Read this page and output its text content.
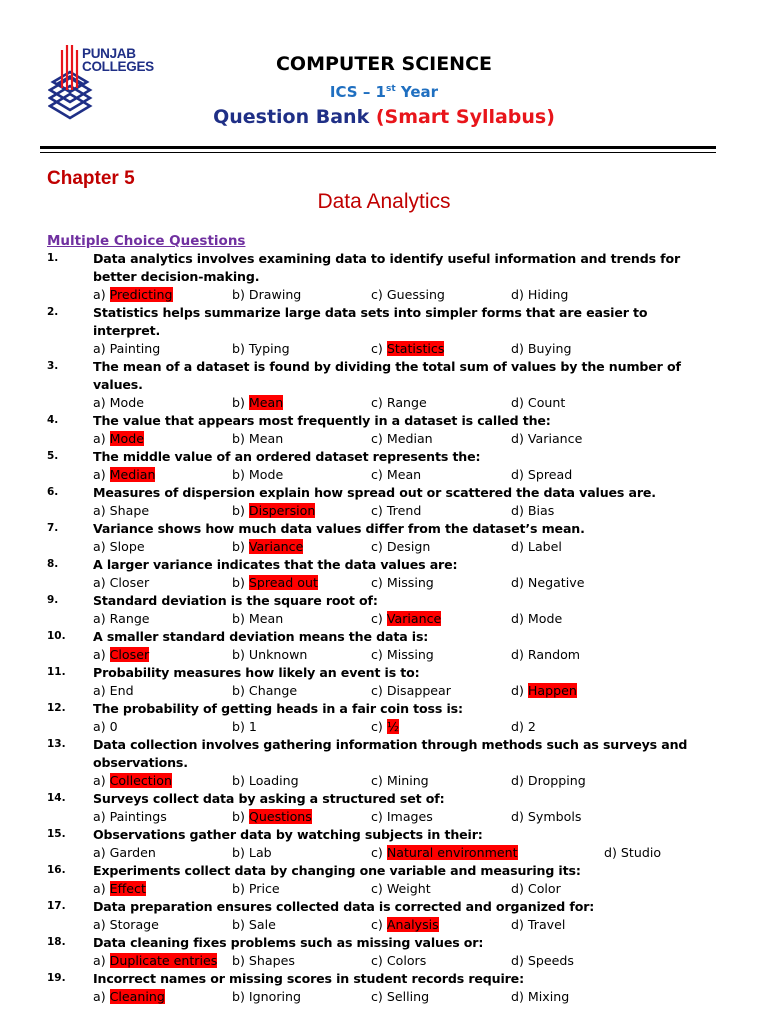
PUNJAB
COLLEGES	COMPUTER SCIENCE
ICS – 1st Year
Question Bank (Smart Syllabus)
Chapter 5
Data Analytics
Multiple Choice Questions
1.	Data analytics involves examining data to identify useful information and trends for better decision-making.
a) Predicting	b) Drawing	c) Guessing	d) Hiding
2.	Statistics helps summarize large data sets into simpler forms that are easier to interpret.
a) Painting	b) Typing	c) Statistics	d) Buying
3.	The mean of a dataset is found by dividing the total sum of values by the number of values.
a) Mode	b) Mean	c) Range	d) Count
4.	The value that appears most frequently in a dataset is called the:
a) Mode	b) Mean	c) Median	d) Variance
5.	The middle value of an ordered dataset represents the:
a) Median	b) Mode	c) Mean	d) Spread
6.	Measures of dispersion explain how spread out or scattered the data values are.
a) Shape	b) Dispersion	c) Trend	d) Bias
7.	Variance shows how much data values differ from the dataset’s mean.
a) Slope	b) Variance	c) Design	d) Label
8.	A larger variance indicates that the data values are:
a) Closer	b) Spread out	c) Missing	d) Negative
9.	Standard deviation is the square root of:
a) Range	b) Mean	c) Variance	d) Mode
10. A smaller standard deviation means the data is:
a) Closer	b) Unknown	c) Missing	d) Random
11. Probability measures how likely an event is to:
a) End	b) Change	c) Disappear	d) Happen
12. The probability of getting heads in a fair coin toss is:
a) 0	b) 1	c) ½	d) 2
13. Data collection involves gathering information through methods such as surveys and observations.
a) Collection	b) Loading	c) Mining	d) Dropping
14. Surveys collect data by asking a structured set of:
a) Paintings	b) Questions	c) Images	d) Symbols
15. Observations gather data by watching subjects in their:
a) Garden	b) Lab	c) Natural environment	d) Studio
16. Experiments collect data by changing one variable and measuring its:
a) Effect	b) Price	c) Weight	d) Color
17. Data preparation ensures collected data is corrected and organized for:
a) Storage	b) Sale	c) Analysis	d) Travel
18. Data cleaning fixes problems such as missing values or:
a) Duplicate entries b) Shapes	c) Colors	d) Speeds
19. Incorrect names or missing scores in student records require:
a) Cleaning	b) Ignoring	c) Selling	d) Mixing
